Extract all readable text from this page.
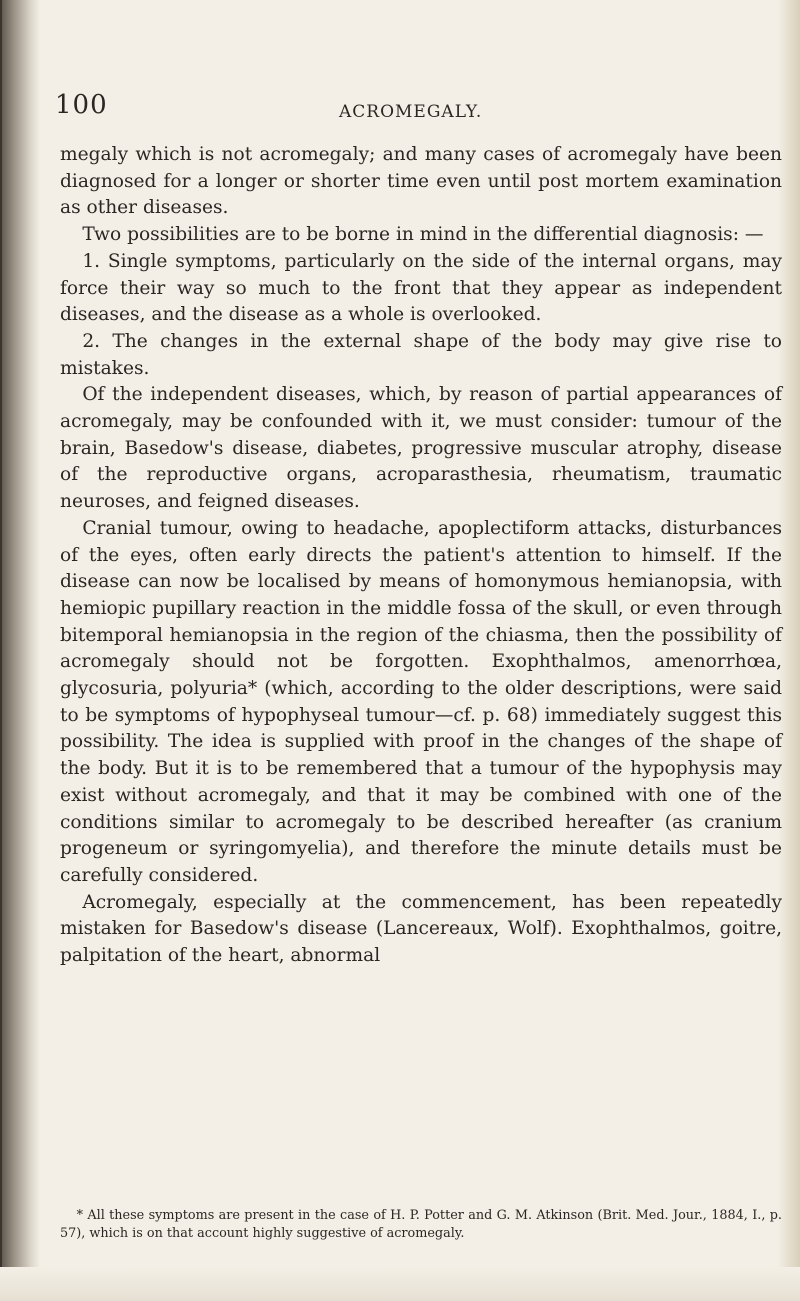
100	ACROMEGALY.

megaly which is not acromegaly; and many cases of acromegaly have been diagnosed for a longer or shorter time even until post mortem examination as other diseases.

Two possibilities are to be borne in mind in the differential diagnosis: —

1. Single symptoms, particularly on the side of the internal organs, may force their way so much to the front that they appear as independent diseases, and the disease as a whole is overlooked.

2. The changes in the external shape of the body may give rise to mistakes.

Of the independent diseases, which, by reason of partial appearances of acromegaly, may be confounded with it, we must consider: tumour of the brain, Basedow's disease, diabetes, progressive muscular atrophy, disease of the reproductive organs, acroparasthesia, rheumatism, traumatic neuroses, and feigned diseases.

Cranial tumour, owing to headache, apoplectiform attacks, disturbances of the eyes, often early directs the patient's attention to himself. If the disease can now be localised by means of homonymous hemianopsia, with hemiopic pupillary reaction in the middle fossa of the skull, or even through bitemporal hemianopsia in the region of the chiasma, then the possibility of acromegaly should not be forgotten. Exophthalmos, amenorrhœa, glycosuria, polyuria* (which, according to the older descriptions, were said to be symptoms of hypophyseal tumour—cf. p. 68) immediately suggest this possibility. The idea is supplied with proof in the changes of the shape of the body. But it is to be remembered that a tumour of the hypophysis may exist without acromegaly, and that it may be combined with one of the conditions similar to acromegaly to be described hereafter (as cranium progeneum or syringomyelia), and therefore the minute details must be carefully considered.

Acromegaly, especially at the commencement, has been repeatedly mistaken for Basedow's disease (Lancereaux, Wolf). Exophthalmos, goitre, palpitation of the heart, abnormal

* All these symptoms are present in the case of H. P. Potter and G. M. Atkinson (Brit. Med. Jour., 1884, I., p. 57), which is on that account highly suggestive of acromegaly.
